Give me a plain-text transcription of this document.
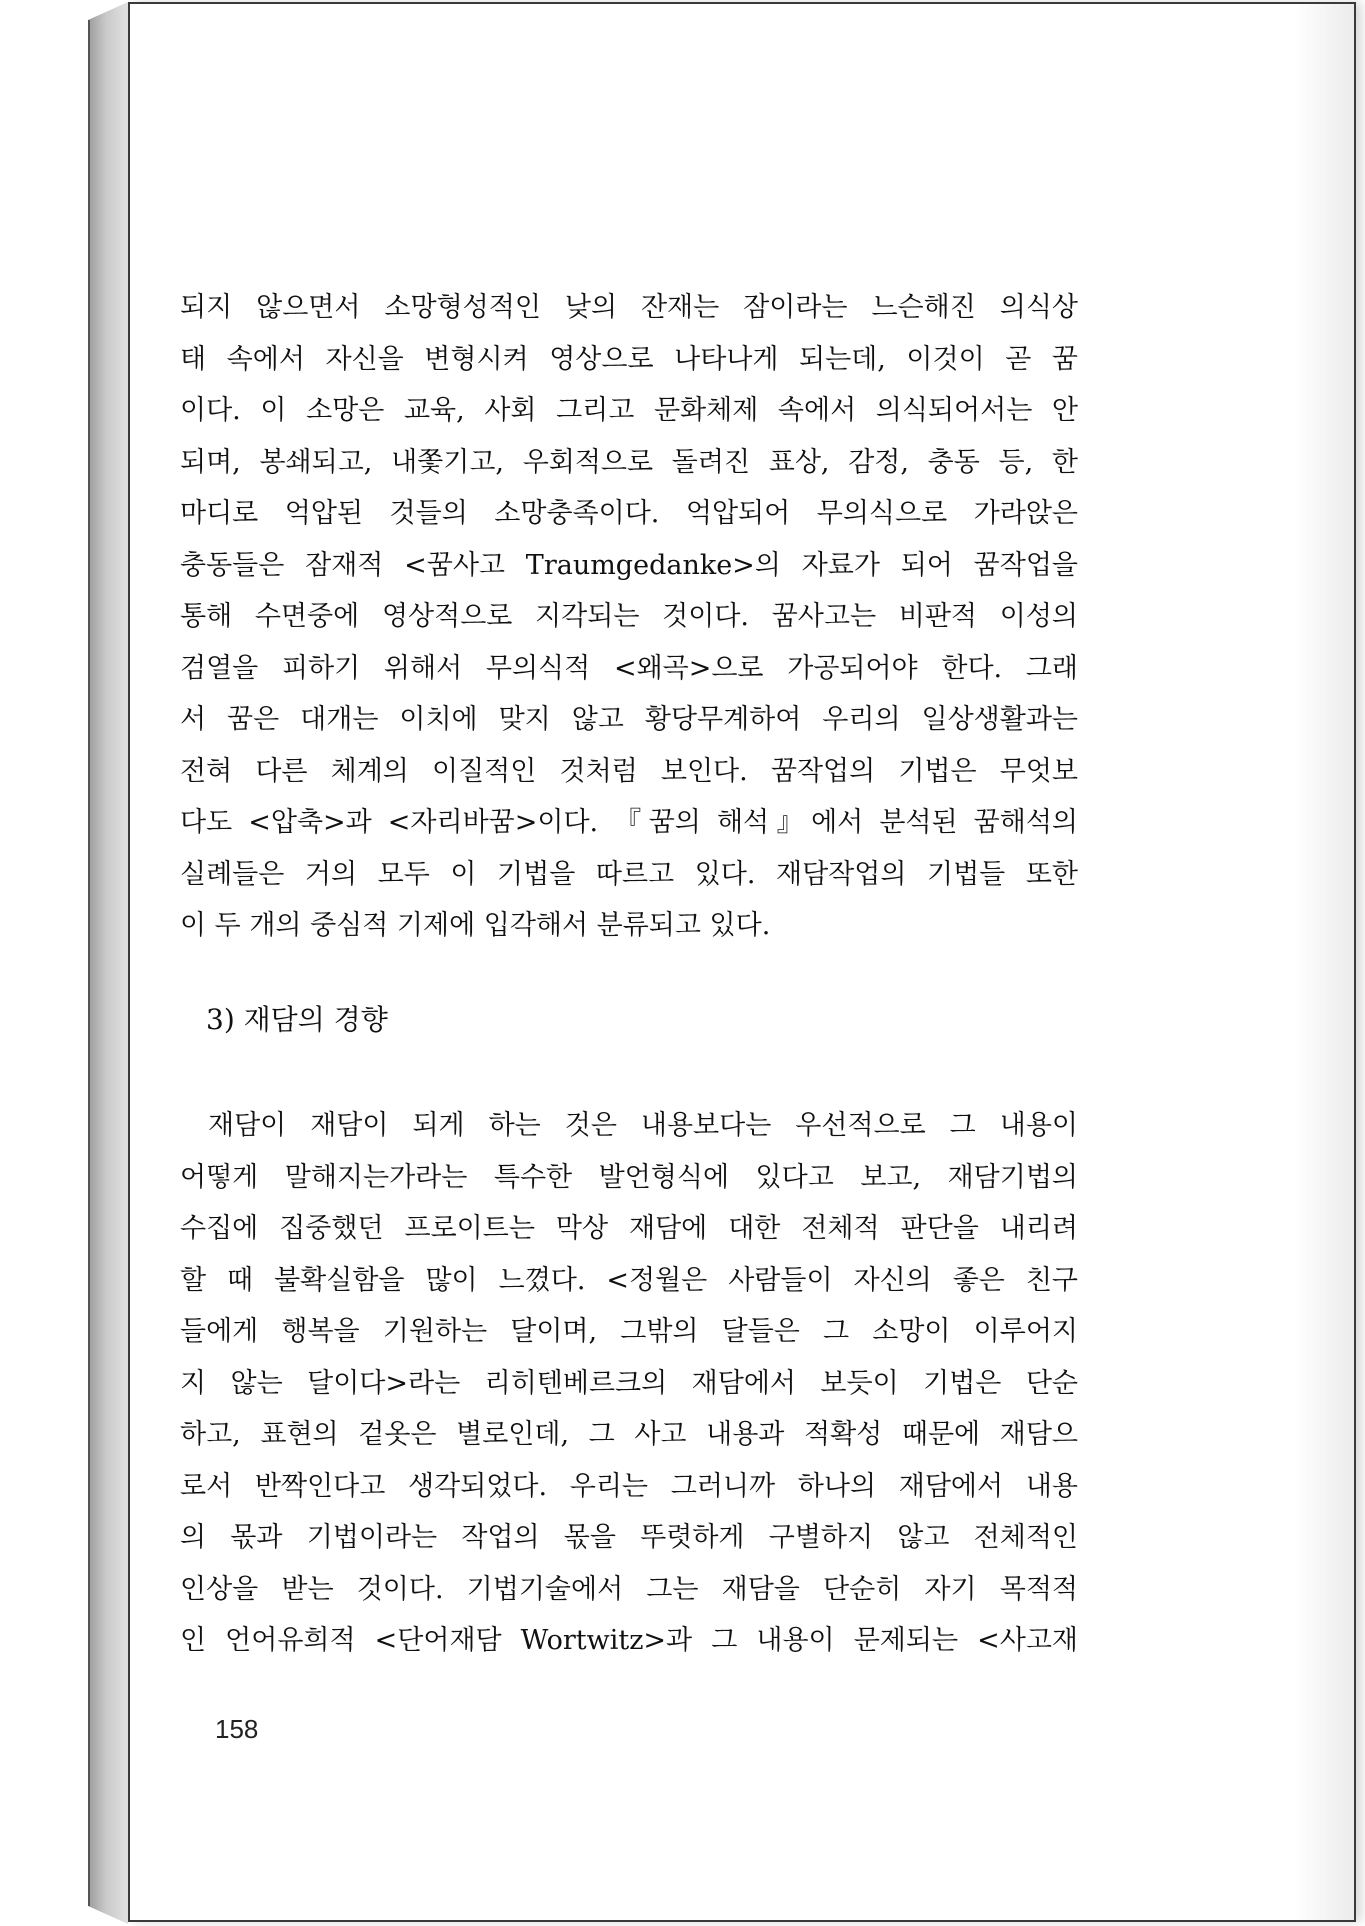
되지 않으면서 소망형성적인 낮의 잔재는 잠이라는 느슨해진 의식상
태 속에서 자신을 변형시켜 영상으로 나타나게 되는데, 이것이 곧 꿈
이다. 이 소망은 교육, 사회 그리고 문화체제 속에서 의식되어서는 안
되며, 봉쇄되고, 내쫓기고, 우회적으로 돌려진 표상, 감정, 충동 등, 한
마디로 억압된 것들의 소망충족이다. 억압되어 무의식으로 가라앉은
충동들은 잠재적 <꿈사고 Traumgedanke>의 자료가 되어 꿈작업을
통해 수면중에 영상적으로 지각되는 것이다. 꿈사고는 비판적 이성의
검열을 피하기 위해서 무의식적 <왜곡>으로 가공되어야 한다. 그래
서 꿈은 대개는 이치에 맞지 않고 황당무계하여 우리의 일상생활과는
전혀 다른 체계의 이질적인 것처럼 보인다. 꿈작업의 기법은 무엇보
다도 <압축>과 <자리바꿈>이다. 『꿈의 해석』에서 분석된 꿈해석의
실례들은 거의 모두 이 기법을 따르고 있다. 재담작업의 기법들 또한
이 두 개의 중심적 기제에 입각해서 분류되고 있다.
3) 재담의 경향
재담이 재담이 되게 하는 것은 내용보다는 우선적으로 그 내용이
어떻게 말해지는가라는 특수한 발언형식에 있다고 보고, 재담기법의
수집에 집중했던 프로이트는 막상 재담에 대한 전체적 판단을 내리려
할 때 불확실함을 많이 느꼈다. <정월은 사람들이 자신의 좋은 친구
들에게 행복을 기원하는 달이며, 그밖의 달들은 그 소망이 이루어지
지 않는 달이다>라는 리히텐베르크의 재담에서 보듯이 기법은 단순
하고, 표현의 겉옷은 별로인데, 그 사고 내용과 적확성 때문에 재담으
로서 반짝인다고 생각되었다. 우리는 그러니까 하나의 재담에서 내용
의 몫과 기법이라는 작업의 몫을 뚜렷하게 구별하지 않고 전체적인
인상을 받는 것이다. 기법기술에서 그는 재담을 단순히 자기 목적적
인 언어유희적 <단어재담 Wortwitz>과 그 내용이 문제되는 <사고재
158
